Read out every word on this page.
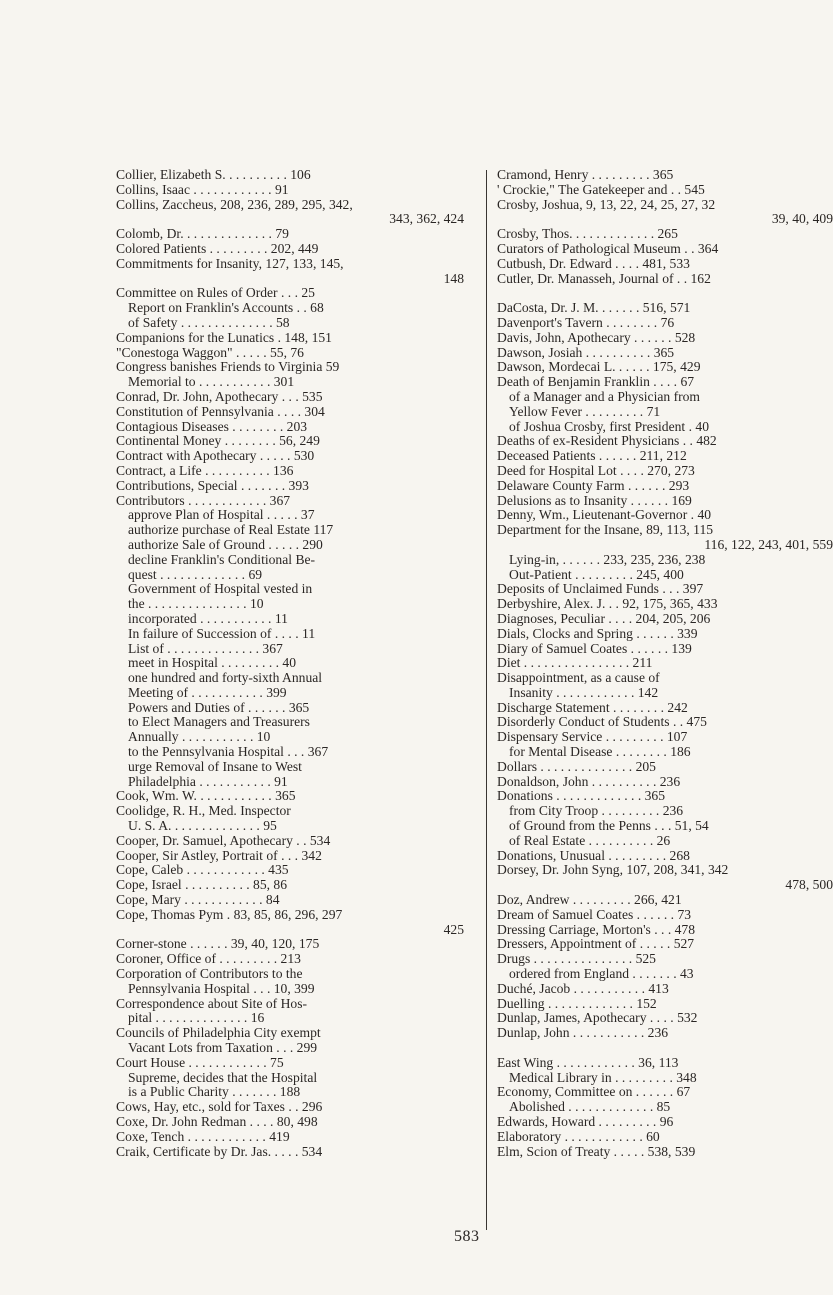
Collier, Elizabeth S. . . . . . . . . . 106
Collins, Isaac . . . . . . . . . . . . 91
Collins, Zaccheus, 208, 236, 289, 295, 342,
343, 362, 424
Colomb, Dr. . . . . . . . . . . . . . 79
Colored Patients . . . . . . . . . 202, 449
Commitments for Insanity, 127, 133, 145,
148
Committee on Rules of Order . . . 25
Report on Franklin's Accounts . . 68
of Safety . . . . . . . . . . . . . . 58
Companions for the Lunatics . 148, 151
"Conestoga Waggon" . . . . . 55, 76
Congress banishes Friends to Virginia 59
Memorial to . . . . . . . . . . . 301
Conrad, Dr. John, Apothecary . . . 535
Constitution of Pennsylvania . . . . 304
Contagious Diseases . . . . . . . . 203
Continental Money . . . . . . . . 56, 249
Contract with Apothecary . . . . . 530
Contract, a Life . . . . . . . . . . 136
Contributions, Special . . . . . . . 393
Contributors . . . . . . . . . . . . 367
approve Plan of Hospital . . . . . 37
authorize purchase of Real Estate 117
authorize Sale of Ground . . . . . 290
decline Franklin's Conditional Be-
quest . . . . . . . . . . . . . 69
Government of Hospital vested in
the . . . . . . . . . . . . . . . 10
incorporated . . . . . . . . . . . 11
In failure of Succession of . . . . 11
List of . . . . . . . . . . . . . . 367
meet in Hospital . . . . . . . . . 40
one hundred and forty-sixth Annual
Meeting of . . . . . . . . . . . 399
Powers and Duties of . . . . . . 365
to Elect Managers and Treasurers
Annually . . . . . . . . . . . 10
to the Pennsylvania Hospital . . . 367
urge Removal of Insane to West
Philadelphia . . . . . . . . . . . 91
Cook, Wm. W. . . . . . . . . . . . 365
Coolidge, R. H., Med. Inspector
U. S. A. . . . . . . . . . . . . . 95
Cooper, Dr. Samuel, Apothecary . . 534
Cooper, Sir Astley, Portrait of . . . 342
Cope, Caleb . . . . . . . . . . . . 435
Cope, Israel . . . . . . . . . . 85, 86
Cope, Mary . . . . . . . . . . . . 84
Cope, Thomas Pym . 83, 85, 86, 296, 297
425
Corner-stone . . . . . . 39, 40, 120, 175
Coroner, Office of . . . . . . . . . 213
Corporation of Contributors to the
Pennsylvania Hospital . . . 10, 399
Correspondence about Site of Hos-
pital . . . . . . . . . . . . . . 16
Councils of Philadelphia City exempt
Vacant Lots from Taxation . . . 299
Court House . . . . . . . . . . . . 75
Supreme, decides that the Hospital
is a Public Charity . . . . . . . 188
Cows, Hay, etc., sold for Taxes . . 296
Coxe, Dr. John Redman . . . . 80, 498
Coxe, Tench . . . . . . . . . . . . 419
Craik, Certificate by Dr. Jas. . . . . 534
Cramond, Henry . . . . . . . . . 365
' Crockie," The Gatekeeper and . . 545
Crosby, Joshua, 9, 13, 22, 24, 25, 27, 32
39, 40, 409
Crosby, Thos. . . . . . . . . . . . . 265
Curators of Pathological Museum . . 364
Cutbush, Dr. Edward . . . . 481, 533
Cutler, Dr. Manasseh, Journal of . . 162
DaCosta, Dr. J. M. . . . . . . 516, 571
Davenport's Tavern . . . . . . . . 76
Davis, John, Apothecary . . . . . . 528
Dawson, Josiah . . . . . . . . . . 365
Dawson, Mordecai L. . . . . . 175, 429
Death of Benjamin Franklin . . . . 67
of a Manager and a Physician from
Yellow Fever . . . . . . . . . 71
of Joshua Crosby, first President . 40
Deaths of ex-Resident Physicians . . 482
Deceased Patients . . . . . . 211, 212
Deed for Hospital Lot . . . . 270, 273
Delaware County Farm . . . . . . 293
Delusions as to Insanity . . . . . . 169
Denny, Wm., Lieutenant-Governor . 40
Department for the Insane, 89, 113, 115
116, 122, 243, 401, 559
Lying-in, . . . . . . 233, 235, 236, 238
Out-Patient . . . . . . . . . 245, 400
Deposits of Unclaimed Funds . . . 397
Derbyshire, Alex. J. . . 92, 175, 365, 433
Diagnoses, Peculiar . . . . 204, 205, 206
Dials, Clocks and Spring . . . . . . 339
Diary of Samuel Coates . . . . . . 139
Diet . . . . . . . . . . . . . . . . 211
Disappointment, as a cause of
Insanity . . . . . . . . . . . . 142
Discharge Statement . . . . . . . . 242
Disorderly Conduct of Students . . 475
Dispensary Service . . . . . . . . . 107
for Mental Disease . . . . . . . . 186
Dollars . . . . . . . . . . . . . . 205
Donaldson, John . . . . . . . . . . 236
Donations . . . . . . . . . . . . . 365
from City Troop . . . . . . . . . 236
of Ground from the Penns . . . 51, 54
of Real Estate . . . . . . . . . . 26
Donations, Unusual . . . . . . . . . 268
Dorsey, Dr. John Syng, 107, 208, 341, 342
478, 500
Doz, Andrew . . . . . . . . . 266, 421
Dream of Samuel Coates . . . . . . 73
Dressing Carriage, Morton's . . . 478
Dressers, Appointment of . . . . . 527
Drugs . . . . . . . . . . . . . . . 525
ordered from England . . . . . . . 43
Duché, Jacob . . . . . . . . . . . 413
Duelling . . . . . . . . . . . . . 152
Dunlap, James, Apothecary . . . . 532
Dunlap, John . . . . . . . . . . . 236
East Wing . . . . . . . . . . . . 36, 113
Medical Library in . . . . . . . . . 348
Economy, Committee on . . . . . . 67
Abolished . . . . . . . . . . . . . 85
Edwards, Howard . . . . . . . . . 96
Elaboratory . . . . . . . . . . . . 60
Elm, Scion of Treaty . . . . . 538, 539
583
